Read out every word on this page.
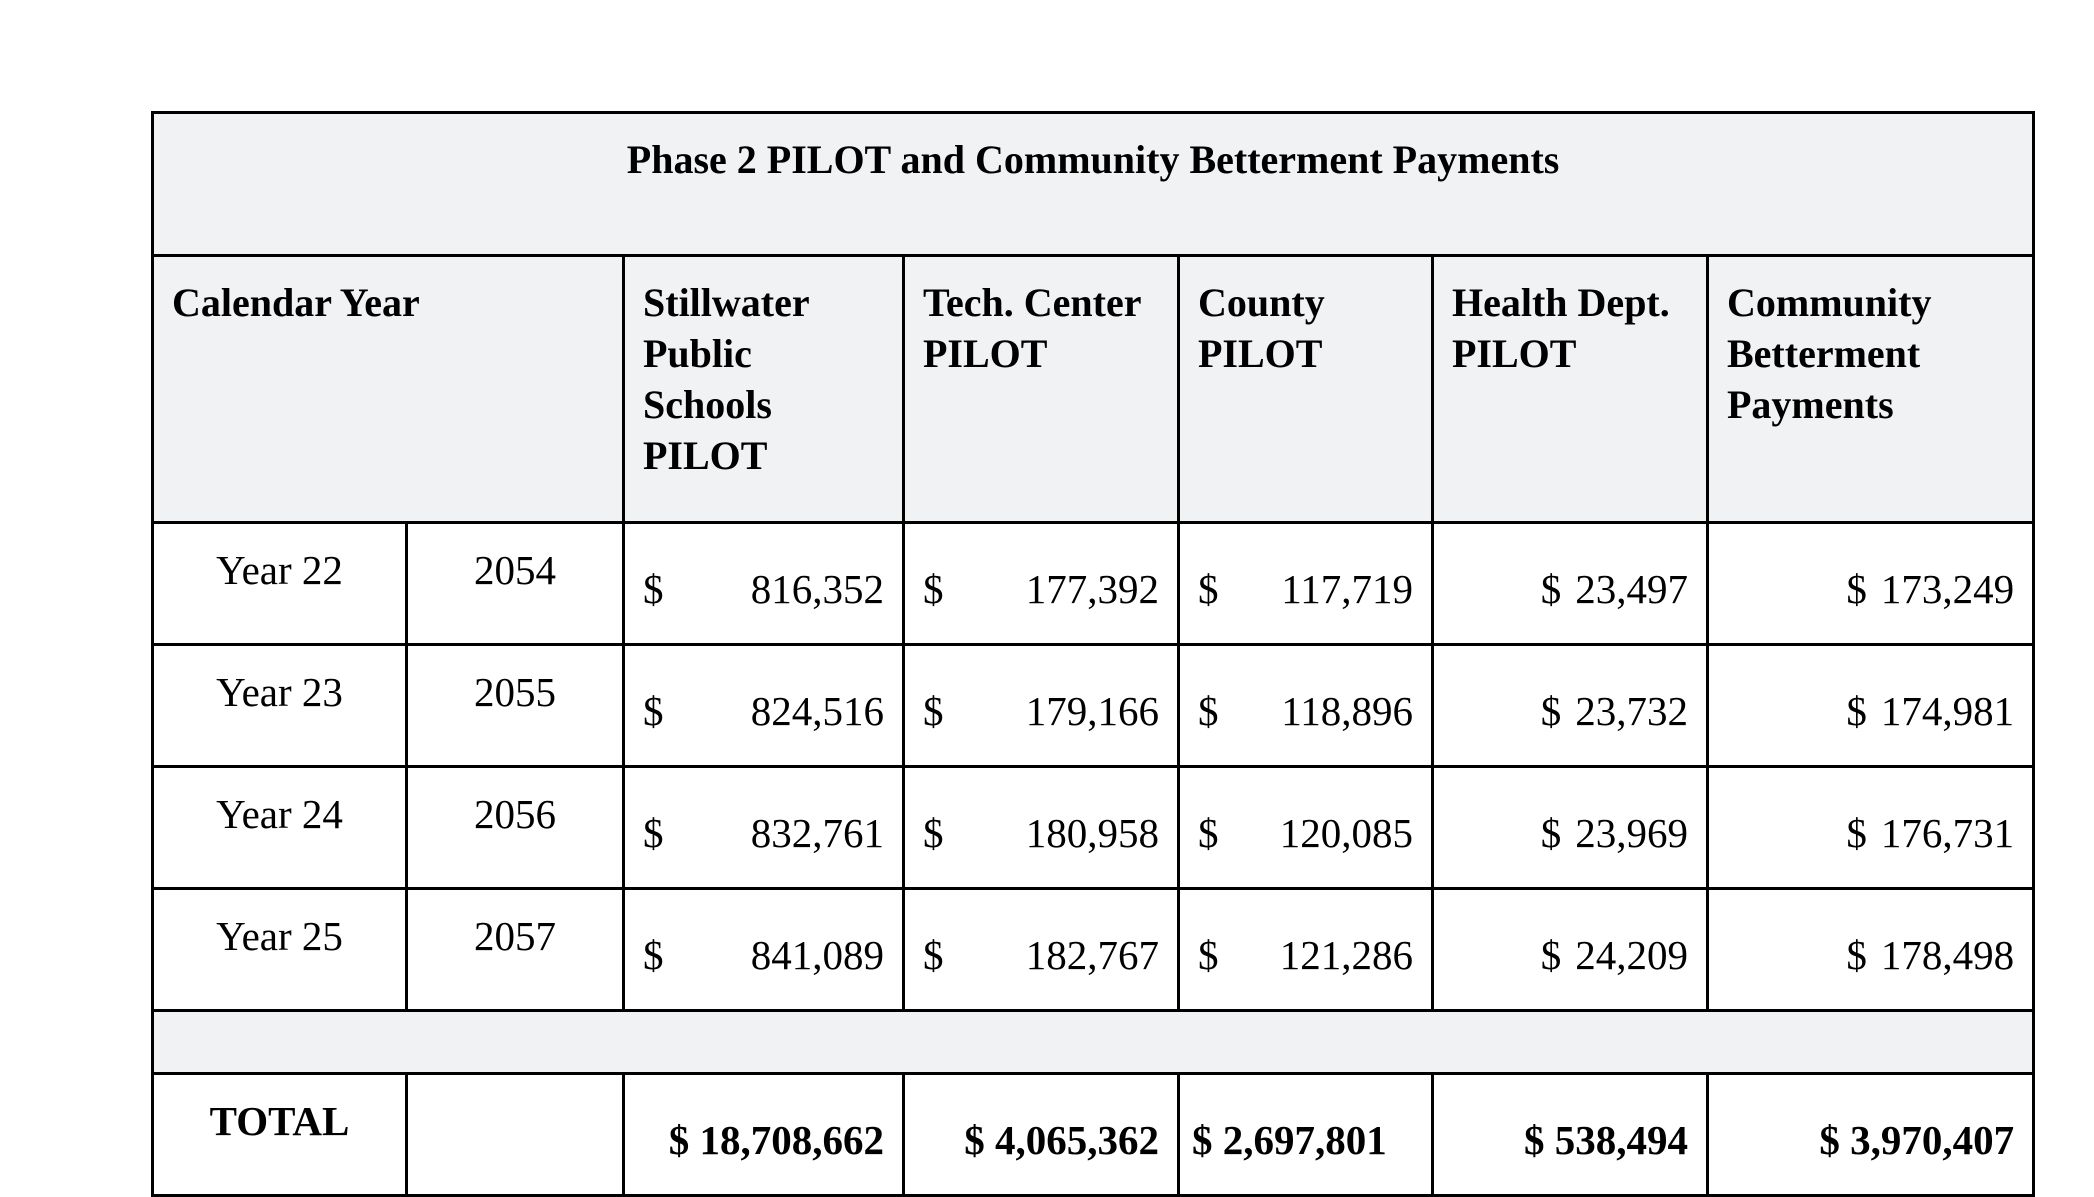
Phase 2 PILOT and Community Betterment Payments						
Calendar Year		Stillwater Public Schools PILOT	Tech. Center PILOT	County PILOT	Health Dept. PILOT	Community Betterment Payments
Year 22	2054	$ 816,352	$ 177,392	$ 117,719	$ 23,497	$ 173,249

Year 23	2055	$ 824,516	$ 179,166	$ 118,896	$ 23,732	$ 174,981

Year 24	2056	$ 832,761	$ 180,958	$ 120,085	$ 23,969	$ 176,731

Year 25	2057	$ 841,089	$ 182,767	$ 121,286	$ 24,209	$ 178,498

TOTAL		$ 18,708,662	$ 4,065,362	$ 2,697,801	$ 538,494	$ 3,970,407
